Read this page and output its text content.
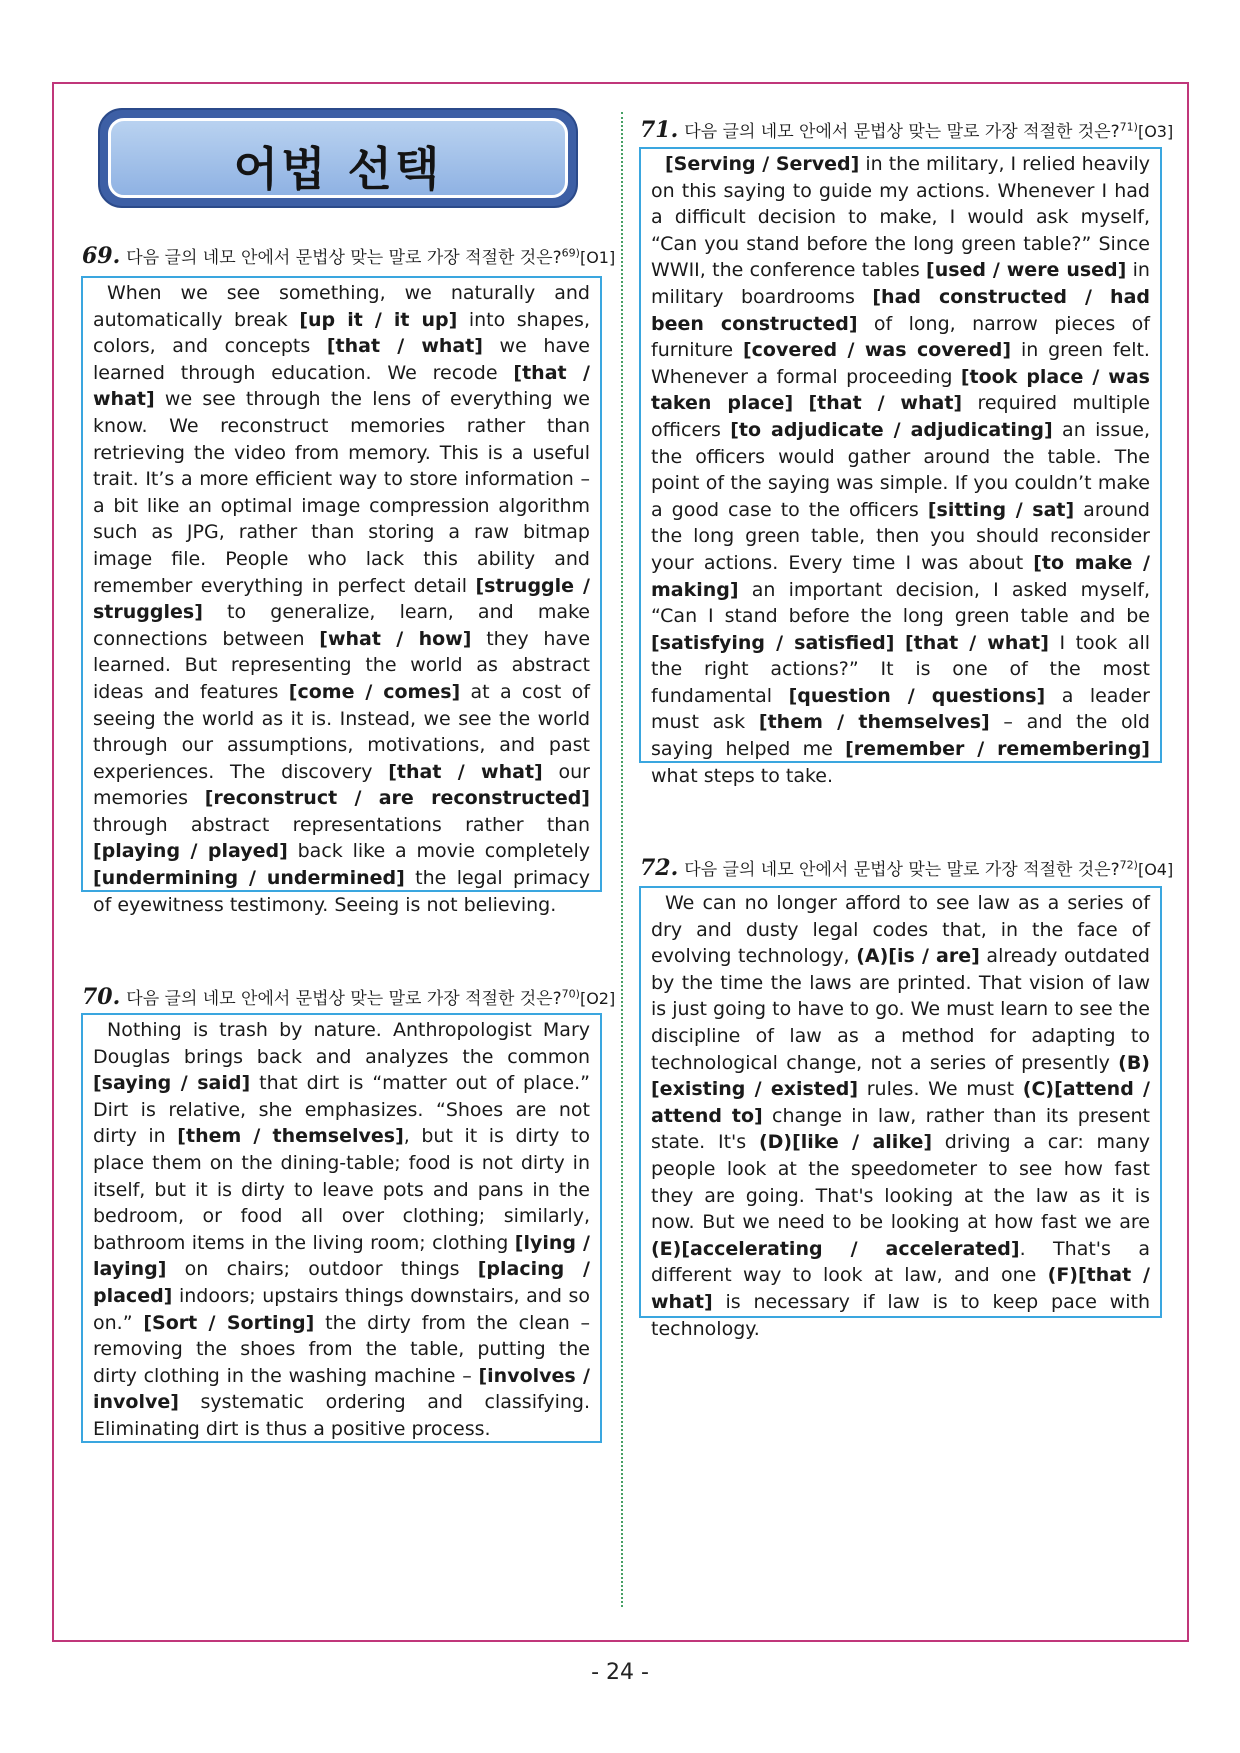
어법 선택
69. 다음 글의 네모 안에서 문법상 맞는 말로 가장 적절한 것은?$^{69)}$[O1]

When we see something, we naturally and automatically break [up it / it up] into shapes, colors, and concepts [that / what] we have learned through education. We recode [that / what] we see through the lens of everything we know. We reconstruct memories rather than retrieving the video from memory. This is a useful trait. It’s a more efficient way to store information – a bit like an optimal image compression algorithm such as JPG, rather than storing a raw bitmap image file. People who lack this ability and remember everything in perfect detail [struggle / struggles] to generalize, learn, and make connections between [what / how] they have learned. But representing the world as abstract ideas and features [come / comes] at a cost of seeing the world as it is. Instead, we see the world through our assumptions, motivations, and past experiences. The discovery [that / what] our memories [reconstruct / are reconstructed] through abstract representations rather than [playing / played] back like a movie completely [undermining / undermined] the legal primacy of eyewitness testimony. Seeing is not believing.

70. 다음 글의 네모 안에서 문법상 맞는 말로 가장 적절한 것은?$^{70)}$[O2]

Nothing is trash by nature. Anthropologist Mary Douglas brings back and analyzes the common [saying / said] that dirt is “matter out of place.” Dirt is relative, she emphasizes. “Shoes are not dirty in [them / themselves], but it is dirty to place them on the dining-table; food is not dirty in itself, but it is dirty to leave pots and pans in the bedroom, or food all over clothing; similarly, bathroom items in the living room; clothing [lying / laying] on chairs; outdoor things [placing / placed] indoors; upstairs things downstairs, and so on.” [Sort / Sorting] the dirty from the clean – removing the shoes from the table, putting the dirty clothing in the washing machine – [involves / involve] systematic ordering and classifying. Eliminating dirt is thus a positive process.

71. 다음 글의 네모 안에서 문법상 맞는 말로 가장 적절한 것은?$^{71)}$[O3]

[Serving / Served] in the military, I relied heavily on this saying to guide my actions. Whenever I had a difficult decision to make, I would ask myself, “Can you stand before the long green table?” Since WWII, the conference tables [used / were used] in military boardrooms [had constructed / had been constructed] of long, narrow pieces of furniture [covered / was covered] in green felt. Whenever a formal proceeding [took place / was taken place] [that / what] required multiple officers [to adjudicate / adjudicating] an issue, the officers would gather around the table. The point of the saying was simple. If you couldn’t make a good case to the officers [sitting / sat] around the long green table, then you should reconsider your actions. Every time I was about [to make / making] an important decision, I asked myself, “Can I stand before the long green table and be [satisfying / satisfied] [that / what] I took all the right actions?” It is one of the most fundamental [question / questions] a leader must ask [them / themselves] – and the old saying helped me [remember / remembering] what steps to take.

72. 다음 글의 네모 안에서 문법상 맞는 말로 가장 적절한 것은?$^{72)}$[O4]

We can no longer afford to see law as a series of dry and dusty legal codes that, in the face of evolving technology, (A)[is / are] already outdated by the time the laws are printed. That vision of law is just going to have to go. We must learn to see the discipline of law as a method for adapting to technological change, not a series of presently (B)[existing / existed] rules. We must (C)[attend / attend to] change in law, rather than its present state. It's (D)[like / alike] driving a car: many people look at the speedometer to see how fast they are going. That's looking at the law as it is now. But we need to be looking at how fast we are (E)[accelerating / accelerated]. That's a different way to look at law, and one (F)[that / what] is necessary if law is to keep pace with technology.

- 24 -
